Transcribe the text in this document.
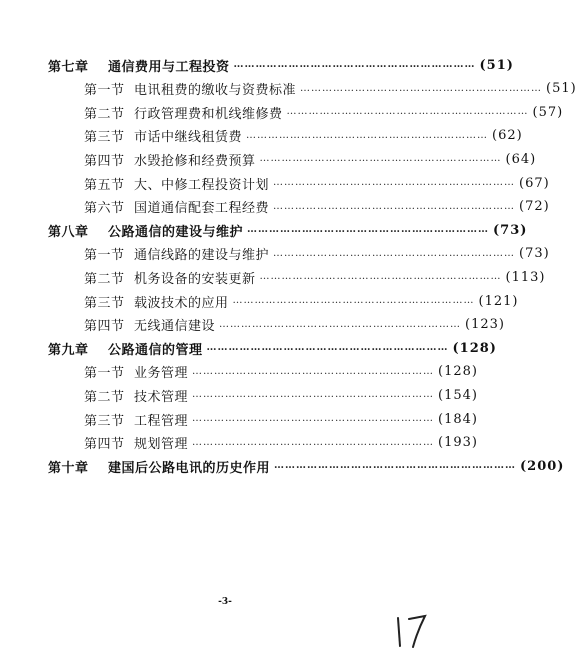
第七章	通信费用与工程投资 ………………………………………………………… (51)
第一节 电讯租费的缴收与资费标准 ………………………………………………………… (51)
第二节 行政管理费和机线维修费 ………………………………………………………… (57)
第三节 市话中继线租赁费 ………………………………………………………… (62)
第四节 水毁抢修和经费预算 ………………………………………………………… (64)
第五节 大、中修工程投资计划 ………………………………………………………… (67)
第六节 国道通信配套工程经费 ………………………………………………………… (72)
第八章	公路通信的建设与维护 ………………………………………………………… (73)
第一节 通信线路的建设与维护 ………………………………………………………… (73)
第二节 机务设备的安装更新 ………………………………………………………… (113)
第三节 载波技术的应用 ………………………………………………………… (121)
第四节 无线通信建设 ………………………………………………………… (123)
第九章	公路通信的管理 ………………………………………………………… (128)
第一节 业务管理 ………………………………………………………… (128)
第二节 技术管理 ………………………………………………………… (154)
第三节 工程管理 ………………………………………………………… (184)
第四节 规划管理 ………………………………………………………… (193)
第十章	建国后公路电讯的历史作用 ………………………………………………………… (200)
-3-
